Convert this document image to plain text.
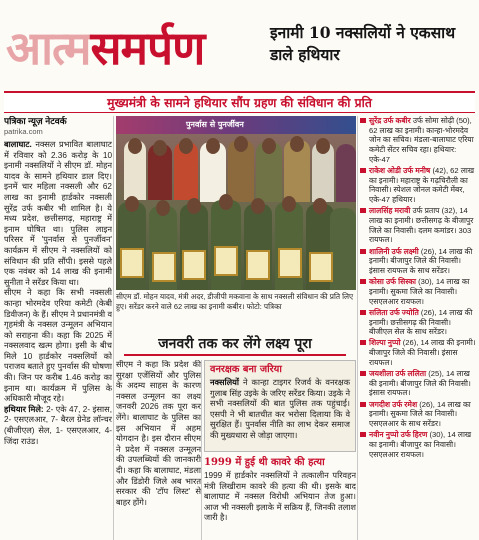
आत्मसमर्पण	इनामी 10 नक्सलियों ने एकसाथ डाले हथियार
मुख्यमंत्री के सामने हथियार सौंप ग्रहण की संविधान की प्रति
पत्रिका न्यूज़ नेटवर्क
patrika.com

बालाघाट. नक्सल प्रभावित बालाघाट में रविवार को 2.36 करोड़ के 10 इनामी नक्सलियों ने सीएम डॉ. मोहन यादव के सामने हथियार डाल दिए। इनमें चार महिला नक्सली और 62 लाख का इनामी हार्डकोर नक्सली सुरेंद्र उर्फ कबीर भी शामिल है। ये मध्य प्रदेश, छत्तीसगढ़, महाराष्ट्र में इनाम घोषित था। पुलिस लाइन परिसर में 'पुनर्वास से पुनर्जीवन' कार्यक्रम में सीएम ने नक्सलियों को संविधान की प्रति सौंपी। इससे पहले एक नवंबर को 14 लाख की इनामी सुनीता ने सरेंडर किया था।

सीएम ने कहा कि सभी नक्सली कान्हा भोरमदेव एरिया कमेटी (केबी डिवीजन) के हैं। सीएम ने प्रधानमंत्री व गृहमंत्री के नक्सल उन्मूलन अभियान को सराहना की। कहा कि 2025 में नक्सलवाद खत्म होगा। इसी के बीच मिले 10 हार्डकोर नक्सलियों को पराजय बताते हुए पुनर्वास की घोषणा की। जिन पर करीब 1.46 करोड़ का इनाम था। कार्यक्रम में पुलिस के अधिकारी मौजूद रहे।

हथियार मिले: 2- एके 47, 2- इंसास, 2- एसएलआर, 7- बैरल ग्रेनेड लॉन्चर (बीजीएल) सेल, 1- एसएलआर, 4- जिंदा राउंड।

पुनर्वास से पुनर्जीवन
सीएम डॉ. मोहन यादव, मंत्री अदर, डीजीपी मकवाना के साथ नक्सली संविधान की प्रति लिए हुए। सरेंडर करने वाले 62 लाख का इनामी कबीर। फोटो: पत्रिका
जनवरी तक कर लेंगे लक्ष्य पूरा
सीएम ने कहा कि प्रदेश की सुरक्षा एजेंसियों और पुलिस के अदम्य साहस के कारण नक्सल उन्मूलन का लक्ष्य जनवरी 2026 तक पूरा कर लेंगे। बालाघाट के पुलिस का इस अभियान में अहम योगदान है। इस दौरान सीएम ने प्रदेश में नक्सल उन्मूलन की उपलब्धियों की जानकारी दी। कहा कि बालाघाट, मंडला और डिंडोरी जिले अब भारत सरकार की 'टॉप लिस्ट' से बाहर होंगे।
वनरक्षक बना जरिया

नक्सलियों ने कान्हा टाइगर रिजर्व के वनरक्षक गुलाब सिंह उइके के जरिए सरेंडर किया। उइके ने सभी नक्सलियों की बात पुलिस तक पहुंचाई। एसपी ने भी बातचीत कर भरोसा दिलाया कि वे सुरक्षित हैं। पुनर्वास नीति का लाभ देकर समाज की मुख्यधारा से जोड़ा जाएगा।

1999 में हुई थी कावरे की हत्या

1999 में हार्डकोर नक्सलियों ने तत्कालीन परिवहन मंत्री लिखीराम कावरे की हत्या की थी। इसके बाद बालाघाट में नक्सल विरोधी अभियान तेज हुआ। आज भी नक्सली इलाके में सक्रिय हैं, जिनकी तलाश जारी है।

सुरेंद्र उर्फ कबीर उर्फ सोमा सोढ़ी (50), 62 लाख का इनामी। कान्हा-भोरमदेव जोन का सचिव। मंडला-बालाघाट एरिया कमेटी सेंटर सचिव रहा। हथियार: एके-47
राकेश ओडी उर्फ मनीष (42), 62 लाख का इनामी। महाराष्ट्र के गढ़चिरौली का निवासी। स्पेशल जोनल कमेटी मेंबर, एके-47 हथियार।
लालसिंह मरावी उर्फ प्रताप (32), 14 लाख का इनामी। छत्तीसगढ़ के बीजापुर जिले का निवासी। दलम कमांडर। 303 रायफल।
शालिनी उर्फ लक्ष्मी (26), 14 लाख की इनामी। बीजापुर जिले की निवासी। इंसास रायफल के साथ सरेंडर।
कोसा उर्फ सिस्का (30), 14 लाख का इनामी। सुकमा जिले का निवासी। एसएलआर रायफल।
सलिता उर्फ ज्योति (26), 14 लाख की इनामी। छत्तीसगढ़ की निवासी। बीजीएल सेल के साथ सरेंडर।
शिल्पा नुप्पो (26), 14 लाख की इनामी। बीजापुर जिले की निवासी। इंसास रायफल।
जयशीला उर्फ ललिता (25), 14 लाख की इनामी। बीजापुर जिले की निवासी। इंसास रायफल।
जगदीश उर्फ रमेश (26), 14 लाख का इनामी। सुकमा जिले का निवासी। एसएलआर के साथ सरेंडर।
नवीन नुप्पो उर्फ हिरण (30), 14 लाख का इनामी। बीजापुर का निवासी। एसएलआर रायफल।
